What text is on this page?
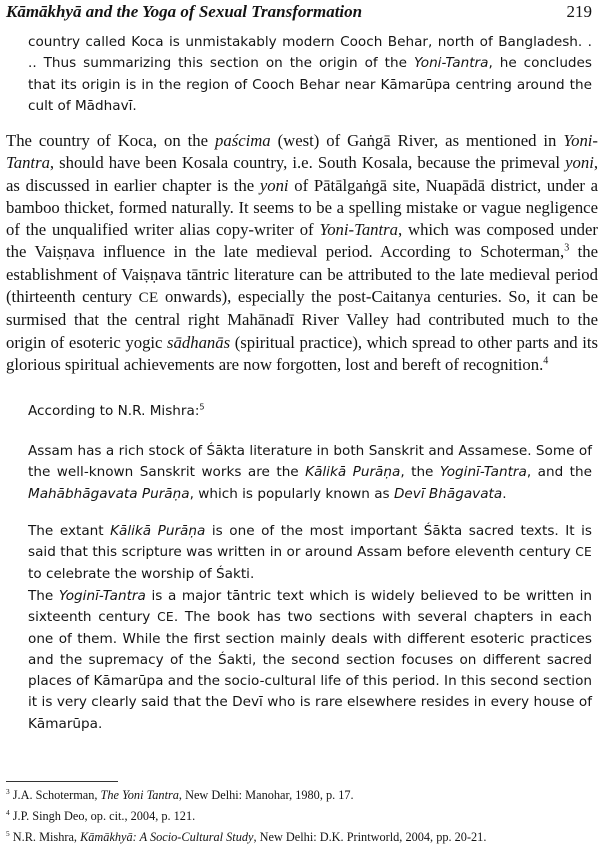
Kāmākhyā and the Yoga of Sexual Transformation	219

country called Koca is unmistakably modern Cooch Behar, north of Bangladesh. . .. Thus summarizing this section on the origin of the Yoni-Tantra, he concludes that its origin is in the region of Cooch Behar near Kāmarūpa centring around the cult of Mādhavī.

The country of Koca, on the paścima (west) of Gaṅgā River, as mentioned in Yoni-Tantra, should have been Kosala country, i.e. South Kosala, because the primeval yoni, as discussed in earlier chapter is the yoni of Pātālgaṅgā site, Nuapādā district, under a bamboo thicket, formed naturally. It seems to be a spelling mistake or vague negligence of the unqualified writer alias copy-writer of Yoni-Tantra, which was composed under the Vaiṣṇava influence in the late medieval period. According to Schoterman,$^3$ the establishment of Vaiṣṇava tāntric literature can be attributed to the late medieval period (thirteenth century CE onwards), especially the post-Caitanya centuries. So, it can be surmised that the central right Mahānadī River Valley had contributed much to the origin of esoteric yogic sādhanās (spiritual practice), which spread to other parts and its glorious spiritual achievements are now forgotten, lost and bereft of recognition.$^4$

According to N.R. Mishra:$^5$

Assam has a rich stock of Śākta literature in both Sanskrit and Assamese. Some of the well-known Sanskrit works are the Kālikā Purāṇa, the Yoginī-Tantra, and the Mahābhāgavata Purāṇa, which is popularly known as Devī Bhāgavata.

The extant Kālikā Purāṇa is one of the most important Śākta sacred texts. It is said that this scripture was written in or around Assam before eleventh century CE to celebrate the worship of Śakti.

The Yoginī-Tantra is a major tāntric text which is widely believed to be written in sixteenth century CE. The book has two sections with several chapters in each one of them. While the first section mainly deals with different esoteric practices and the supremacy of the Śakti, the second section focuses on different sacred places of Kāmarūpa and the socio-cultural life of this period. In this second section it is very clearly said that the Devī who is rare elsewhere resides in every house of Kāmarūpa.

$^3$ J.A. Schoterman, The Yoni Tantra, New Delhi: Manohar, 1980, p. 17.

$^4$ J.P. Singh Deo, op. cit., 2004, p. 121.

$^5$ N.R. Mishra, Kāmākhyā: A Socio-Cultural Study, New Delhi: D.K. Printworld, 2004, pp. 20-21.
